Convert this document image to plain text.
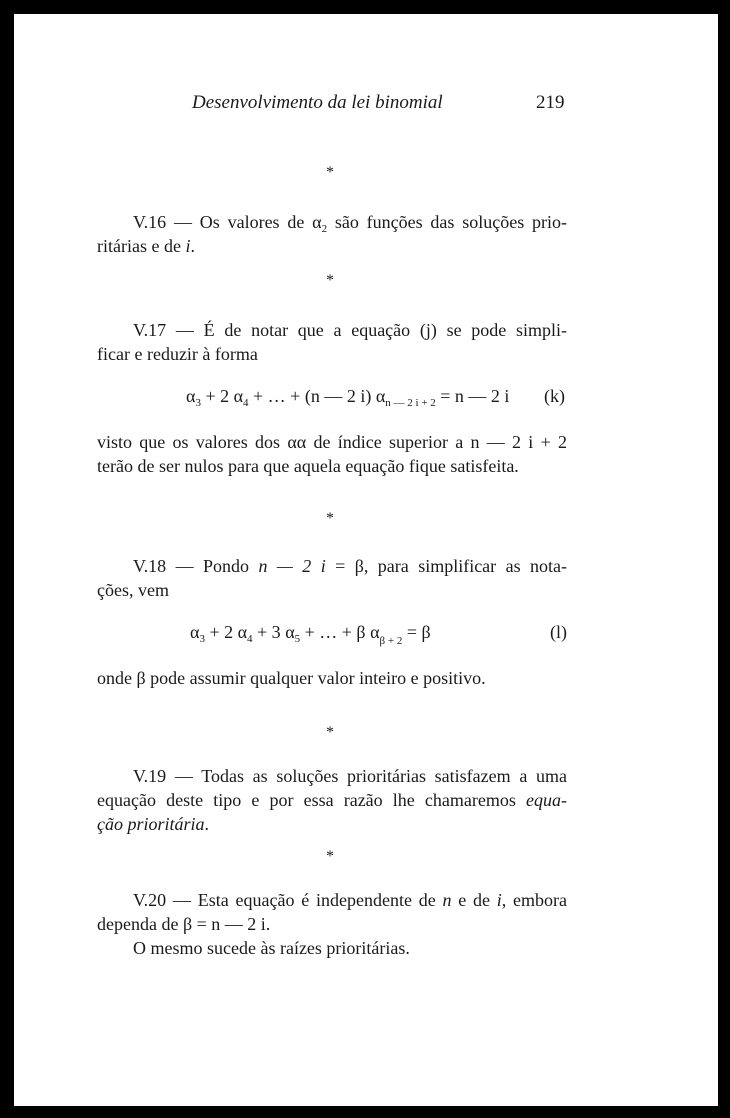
Desenvolvimento da lei binomial	219
*
V.16 — Os valores de $\alpha_2$ são funções das soluções prio-
ritárias e de i.
*
V.17 — É de notar que a equação (j) se pode simpli-
ficar e reduzir à forma
$\alpha_3 + 2$ $\alpha_4$ + … + (n — 2 i) $\alpha_{n — 2 i + 2} = n$ — 2 i (k)
visto que os valores dos αα de índice superior a n — 2 i + 2
terão de ser nulos para que aquela equação fique satisfeita.
*
V.18 — Pondo n — 2 i = β, para simplificar as nota-
ções, vem
$\alpha_3 + 2$ $\alpha_4 + 3$ $\alpha_5$ + … + β $\alpha_{\beta + 2} = \beta$	(l)
onde β pode assumir qualquer valor inteiro e positivo.
*
V.19 — Todas as soluções prioritárias satisfazem a uma
equação deste tipo e por essa razão lhe chamaremos equa-
ção prioritária.
*
V.20 — Esta equação é independente de n e de i, embora
dependa de β = n — 2 i.
O mesmo sucede às raízes prioritárias.
